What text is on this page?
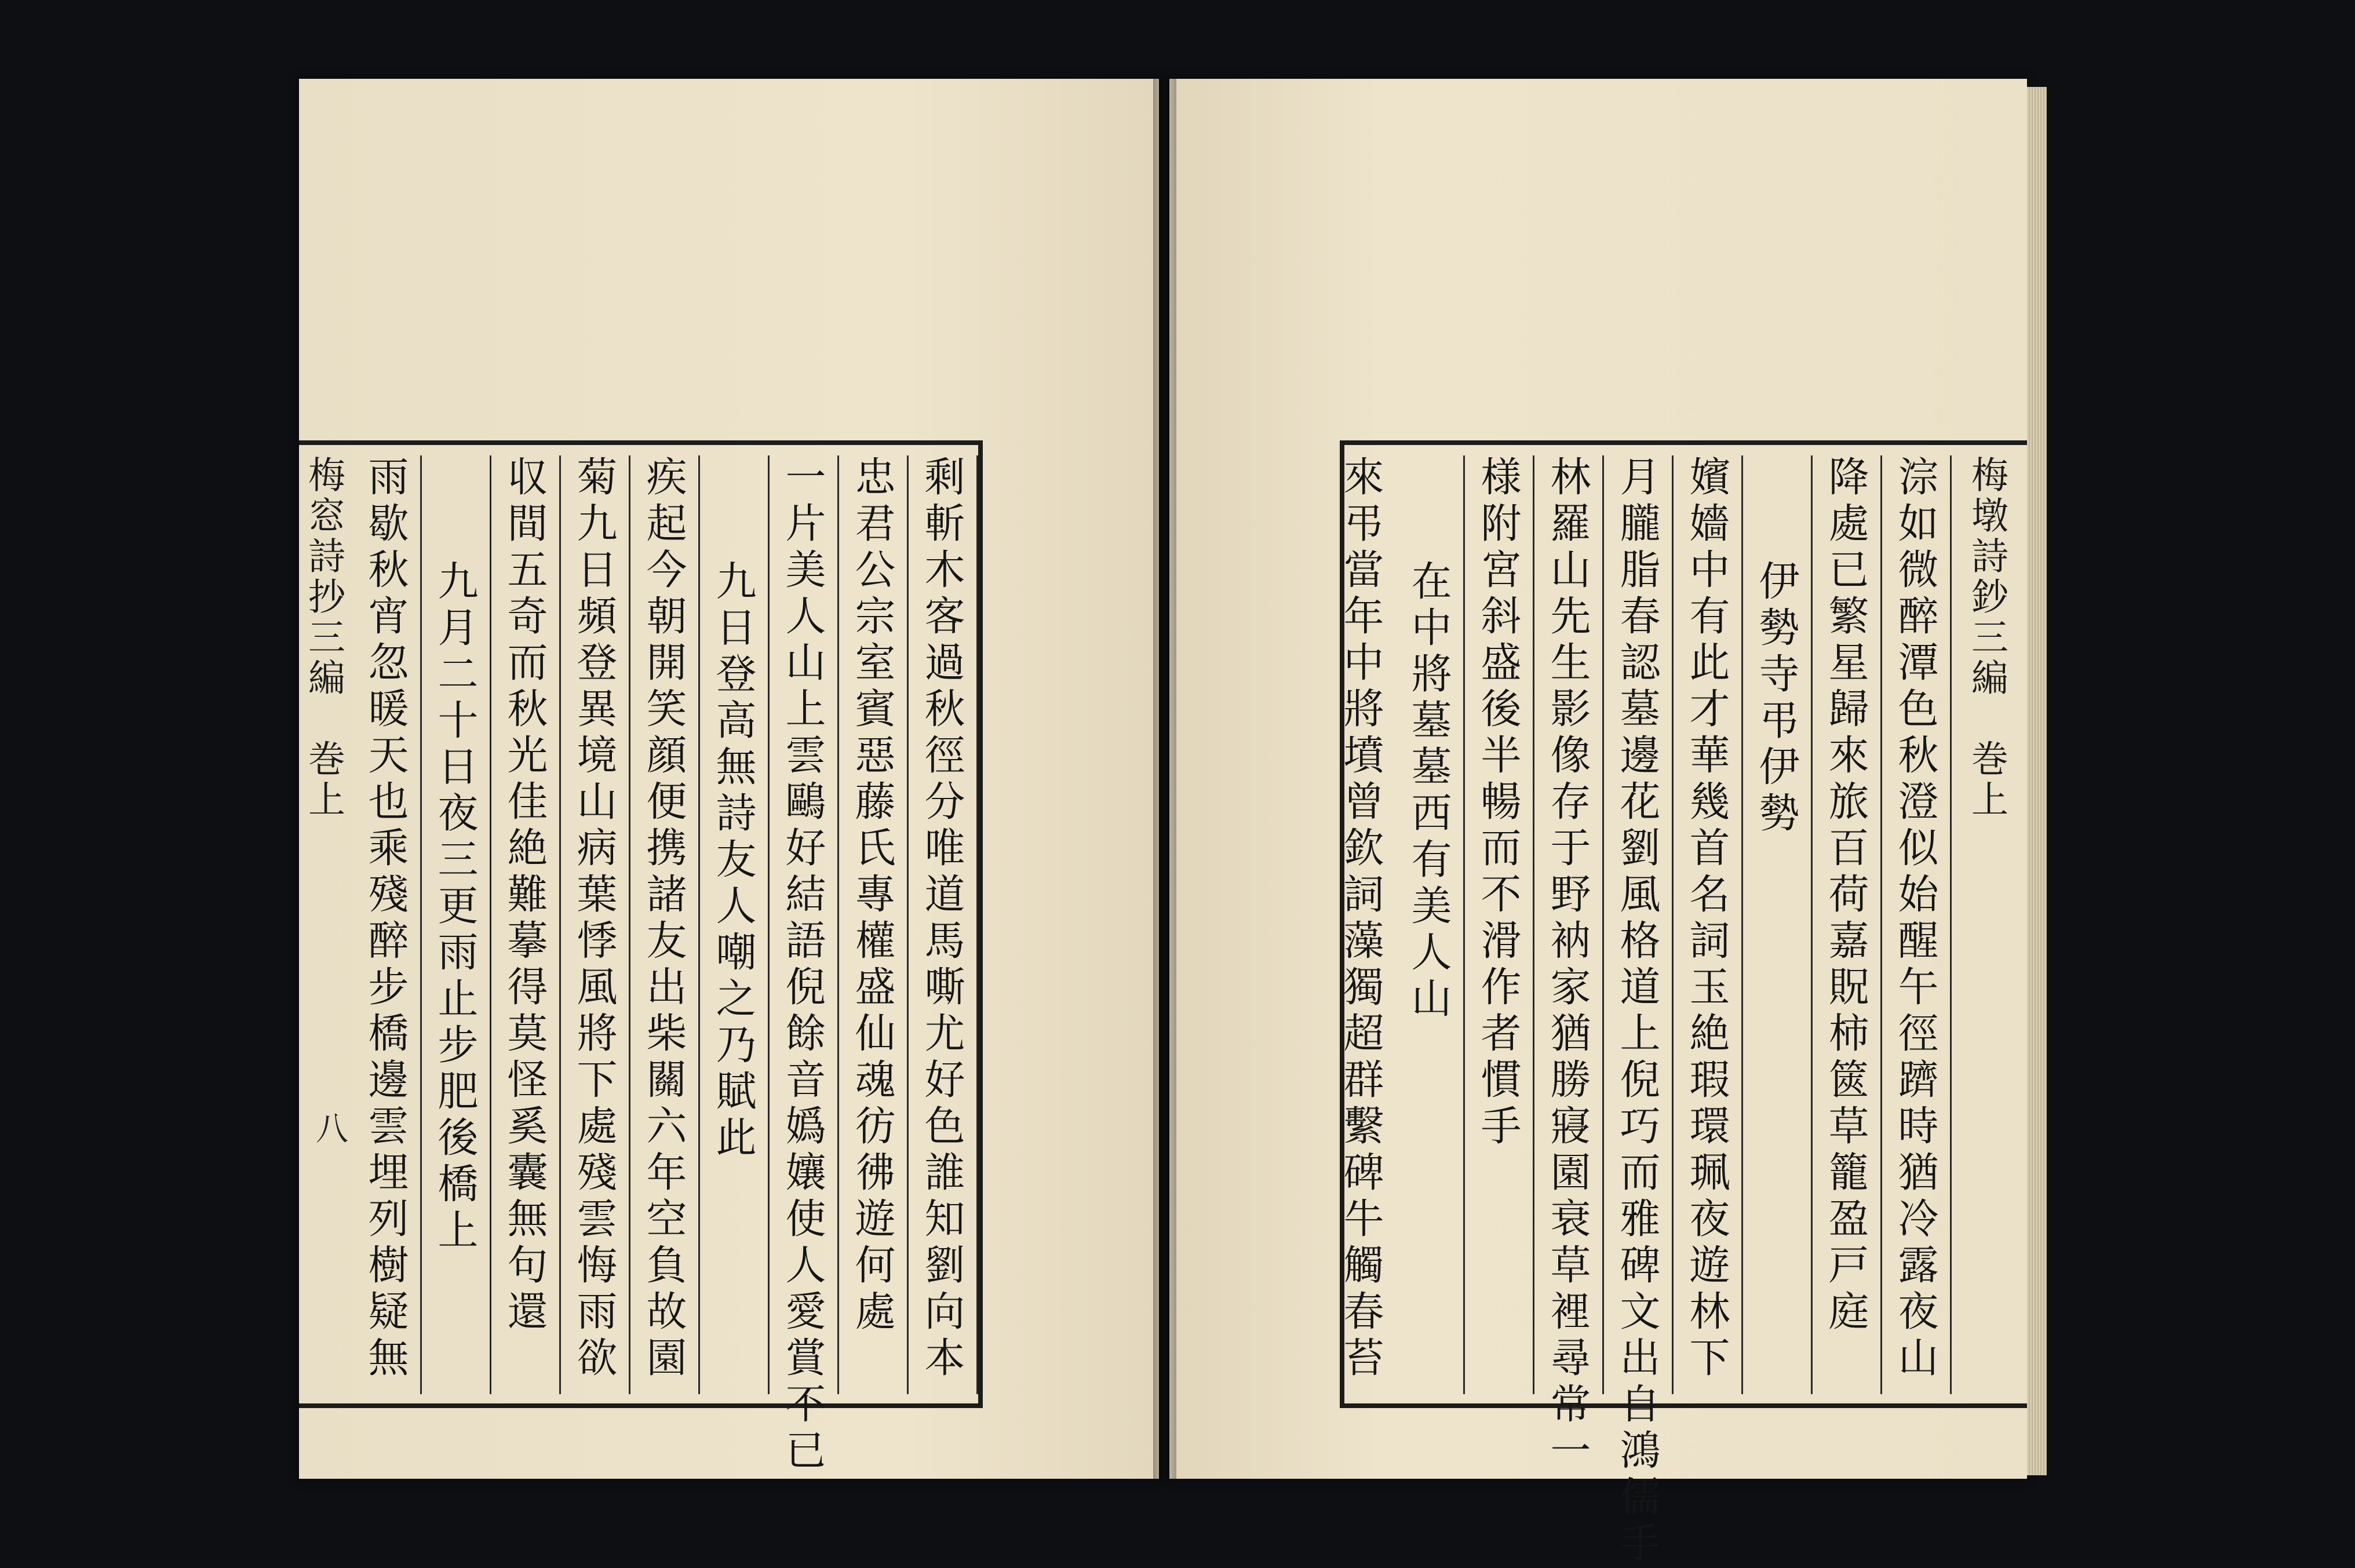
剩斬木客過秋徑分唯道馬嘶尤好色誰知劉向本
忠君公宗室賓惡藤氏專權盛仙魂彷彿遊何處
一片美人山上雲鷗好結語倪餘音嬀孃使人愛賞不已
九日登高無詩友人嘲之乃賦此
疾起今朝開笑顔便携諸友出柴關六年空負故園
菊九日頻登異境山病葉悸風將下處殘雲悔雨欲
収間五奇而秋光佳絶難摹得莫怪奚囊無句還
九月二十日夜三更雨止步肥後橋上
雨歇秋宵忽暖天也乘殘醉步橋邊雲埋列樹疑無
梅窓詩抄三編　巻上
八
梅墩詩鈔三編　巻上
淙如微醉潭色秋澄似始醒午徑躋時猶冷露夜山
降處已繁星歸來旅百荷嘉貺柿篋草籠盈戸庭
伊勢寺弔伊勢
嬪嬙中有此才華幾首名詞玉絶瑕環珮夜遊林下
月朧脂春認墓邊花劉風格道上倪巧而雅碑文出自鴻儒手
林羅山先生影像存于野衲家猶勝寢園衰草裡尋常一
様附宮斜盛後半暢而不滑作者慣手
在中將墓墓西有美人山
來弔當年中將墳曾欽詞藻獨超群繫碑牛觸春苔
